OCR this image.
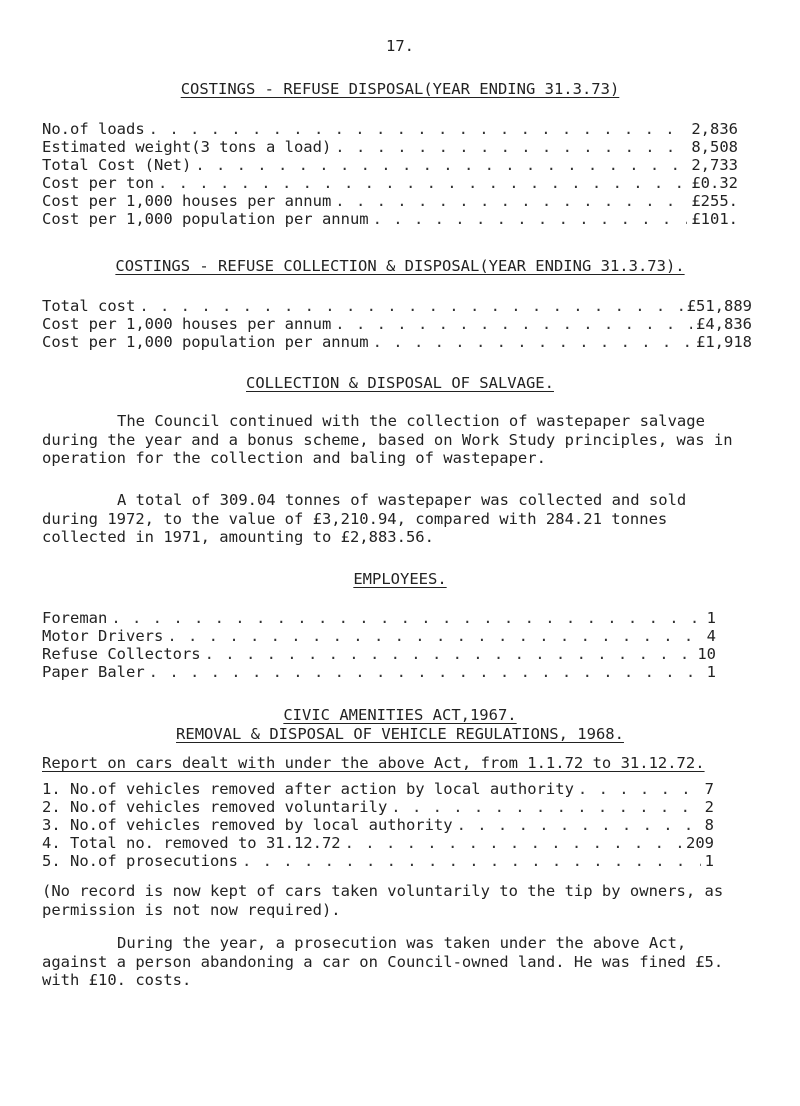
17.
COSTINGS - REFUSE DISPOSAL(YEAR ENDING 31.3.73)
No.of loads . . .	2,836
Estimated weight(3 tons a load) . . .	8,508
Total Cost (Net) . . .	2,733
Cost per ton . . .	£0.32
Cost per 1,000 houses per annum . . .	£255.
Cost per 1,000 population per annum . . .	£101.
COSTINGS - REFUSE COLLECTION & DISPOSAL(YEAR ENDING 31.3.73).
Total cost . . .	£51,889
Cost per 1,000 houses per annum . . .	£4,836
Cost per 1,000 population per annum . . .	£1,918
COLLECTION & DISPOSAL OF SALVAGE.
The Council continued with the collection of wastepaper salvage during the year and a bonus scheme, based on Work Study principles, was in operation for the collection and baling of wastepaper.
A total of 309.04 tonnes of wastepaper was collected and sold during 1972, to the value of £3,210.94, compared with 284.21 tonnes collected in 1971, amounting to £2,883.56.
EMPLOYEES.
Foreman . . .	1
Motor Drivers . . .	4
Refuse Collectors . . .	10
Paper Baler . . .	1
CIVIC AMENITIES ACT,1967.
REMOVAL & DISPOSAL OF VEHICLE REGULATIONS, 1968.
Report on cars dealt with under the above Act, from 1.1.72 to 31.12.72.
1. No.of vehicles removed after action by local authority . . .	7
2. No.of vehicles removed voluntarily . . .	2
3. No.of vehicles removed by local authority . . .	8
4. Total no. removed to 31.12.72 . . .	209
5. No.of prosecutions . . .	1
(No record is now kept of cars taken voluntarily to the tip by owners, as permission is not now required).
During the year, a prosecution was taken under the above Act, against a person abandoning a car on Council-owned land. He was fined £5. with £10. costs.
